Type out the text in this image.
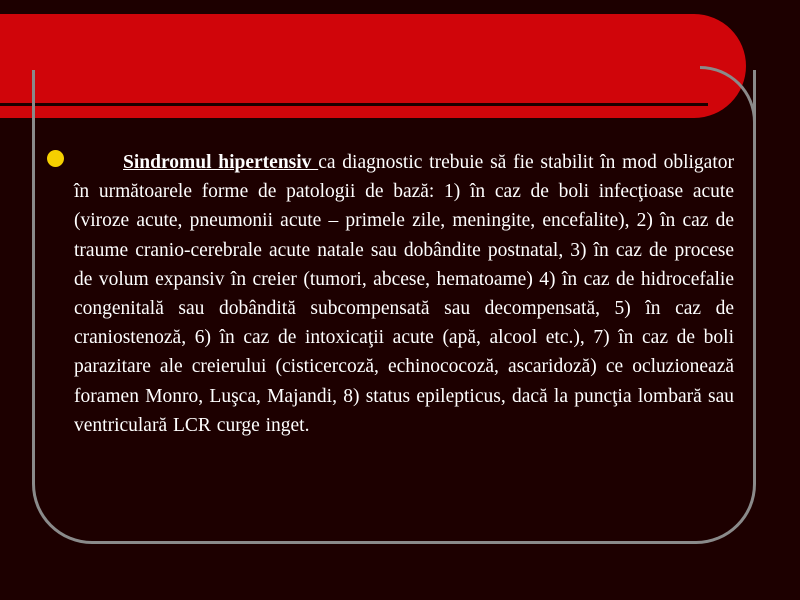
Sindromul hipertensiv ca diagnostic trebuie să fie stabilit în mod obligator în următoarele forme de patologii de bază: 1) în caz de boli infecţioase acute (viroze acute, pneumonii acute – primele zile, meningite, encefalite), 2) în caz de traume cranio-cerebrale acute natale sau dobândite postnatal, 3) în caz de procese de volum expansiv în creier (tumori, abcese, hematoame) 4) în caz de hidrocefalie congenitală sau dobândită subcompensată sau decompensată, 5) în caz de craniostenoză, 6) în caz de intoxicaţii acute (apă, alcool etc.), 7) în caz de boli parazitare ale creierului (cisticercoză, echinococoză, ascaridoză) ce ocluzionează foramen Monro, Luşca, Majandi, 8) status epilepticus, dacă la puncţia lombară sau ventriculară LCR curge inget.
